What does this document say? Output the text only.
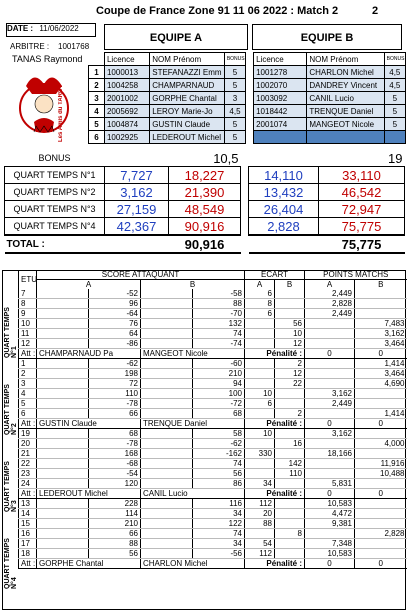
Coupe de France Zone 91 11 06 2022 : Match 2	2
DATE : 11/06/2022
ARBITRE : 1001768
TANAS Raymond
Les Amis du TAROT
EQUIPE A	EQUIPE B
	Licence	NOM Prénom	BONUS		Licence	NOM Prénom	BONUS
1	1000013	STEFANAZZI Emm	5		1001278	CHARLON Michel	4,5
2	1004258	CHAMPARNAUD	5		1002070	DANDREY Vincent	4,5
3	2001002	GORPHE Chantal	3		1003092	CANIL Lucio	5
4	2005692	LEROY Marie-Jo	4,5		1018442	TRENQUE Daniel	5
5	1004874	GUSTIN Claude	5		2001074	MANGEOT Nicole	5
6	1002925	LEDEROUT Michel	5				
BONUS		10,5			19
QUART TEMPS N°1	7,727	18,227		14,110	33,110
QUART TEMPS N°2	3,162	21,390		13,432	46,542
QUART TEMPS N°3	27,159	48,549		26,404	72,947
QUART TEMPS N°4	42,367	90,916		2,828	75,775
TOTAL :		90,916			75,775
ETU	SCORE ATTAQUANT				ECART		POINTS MATCHS	
	A		B		A	B	A	B
7		-52		-58	6		2,449	
8		96		88	8		2,828	
9		-64		-70	6		2,449	
10		76		132		56		7,483
11		64		74		10		3,162
12		-86		-74		12		3,464
Att :	CHAMPARNAUD Pa		MANGEOT Nicole		Pénalité :		0	0
1		-62		-60		2		1,414
2		198		210		12		3,464
3		72		94		22		4,690
4		110		100	10		3,162	
5		-78		-72	6		2,449	
6		66		68		2		1,414
Att :	GUSTIN Claude		TRENQUE Daniel		Pénalité :		0	0
19		68		58	10		3,162	
20		-78		-62		16		4,000
21		168		-162	330		18,166	
22		-68		74		142		11,916
23		-54		56		110		10,488
24		120		86	34		5,831	
Att :	LEDEROUT Michel		CANIL Lucio		Pénalité :		0	0
13		228		116	112		10,583	
14		114		34	20		4,472	
15		210		122	88		9,381	
16		66		74		8		2,828
17		88		34	54		7,348	
18		56		-56	112		10,583	
Att :	GORPHE Chantal		CHARLON Michel		Pénalité :		0	0
QUART TEMPS N°1
QUART TEMPS N°2
QUART TEMPS N°3
QUART TEMPS N°4
